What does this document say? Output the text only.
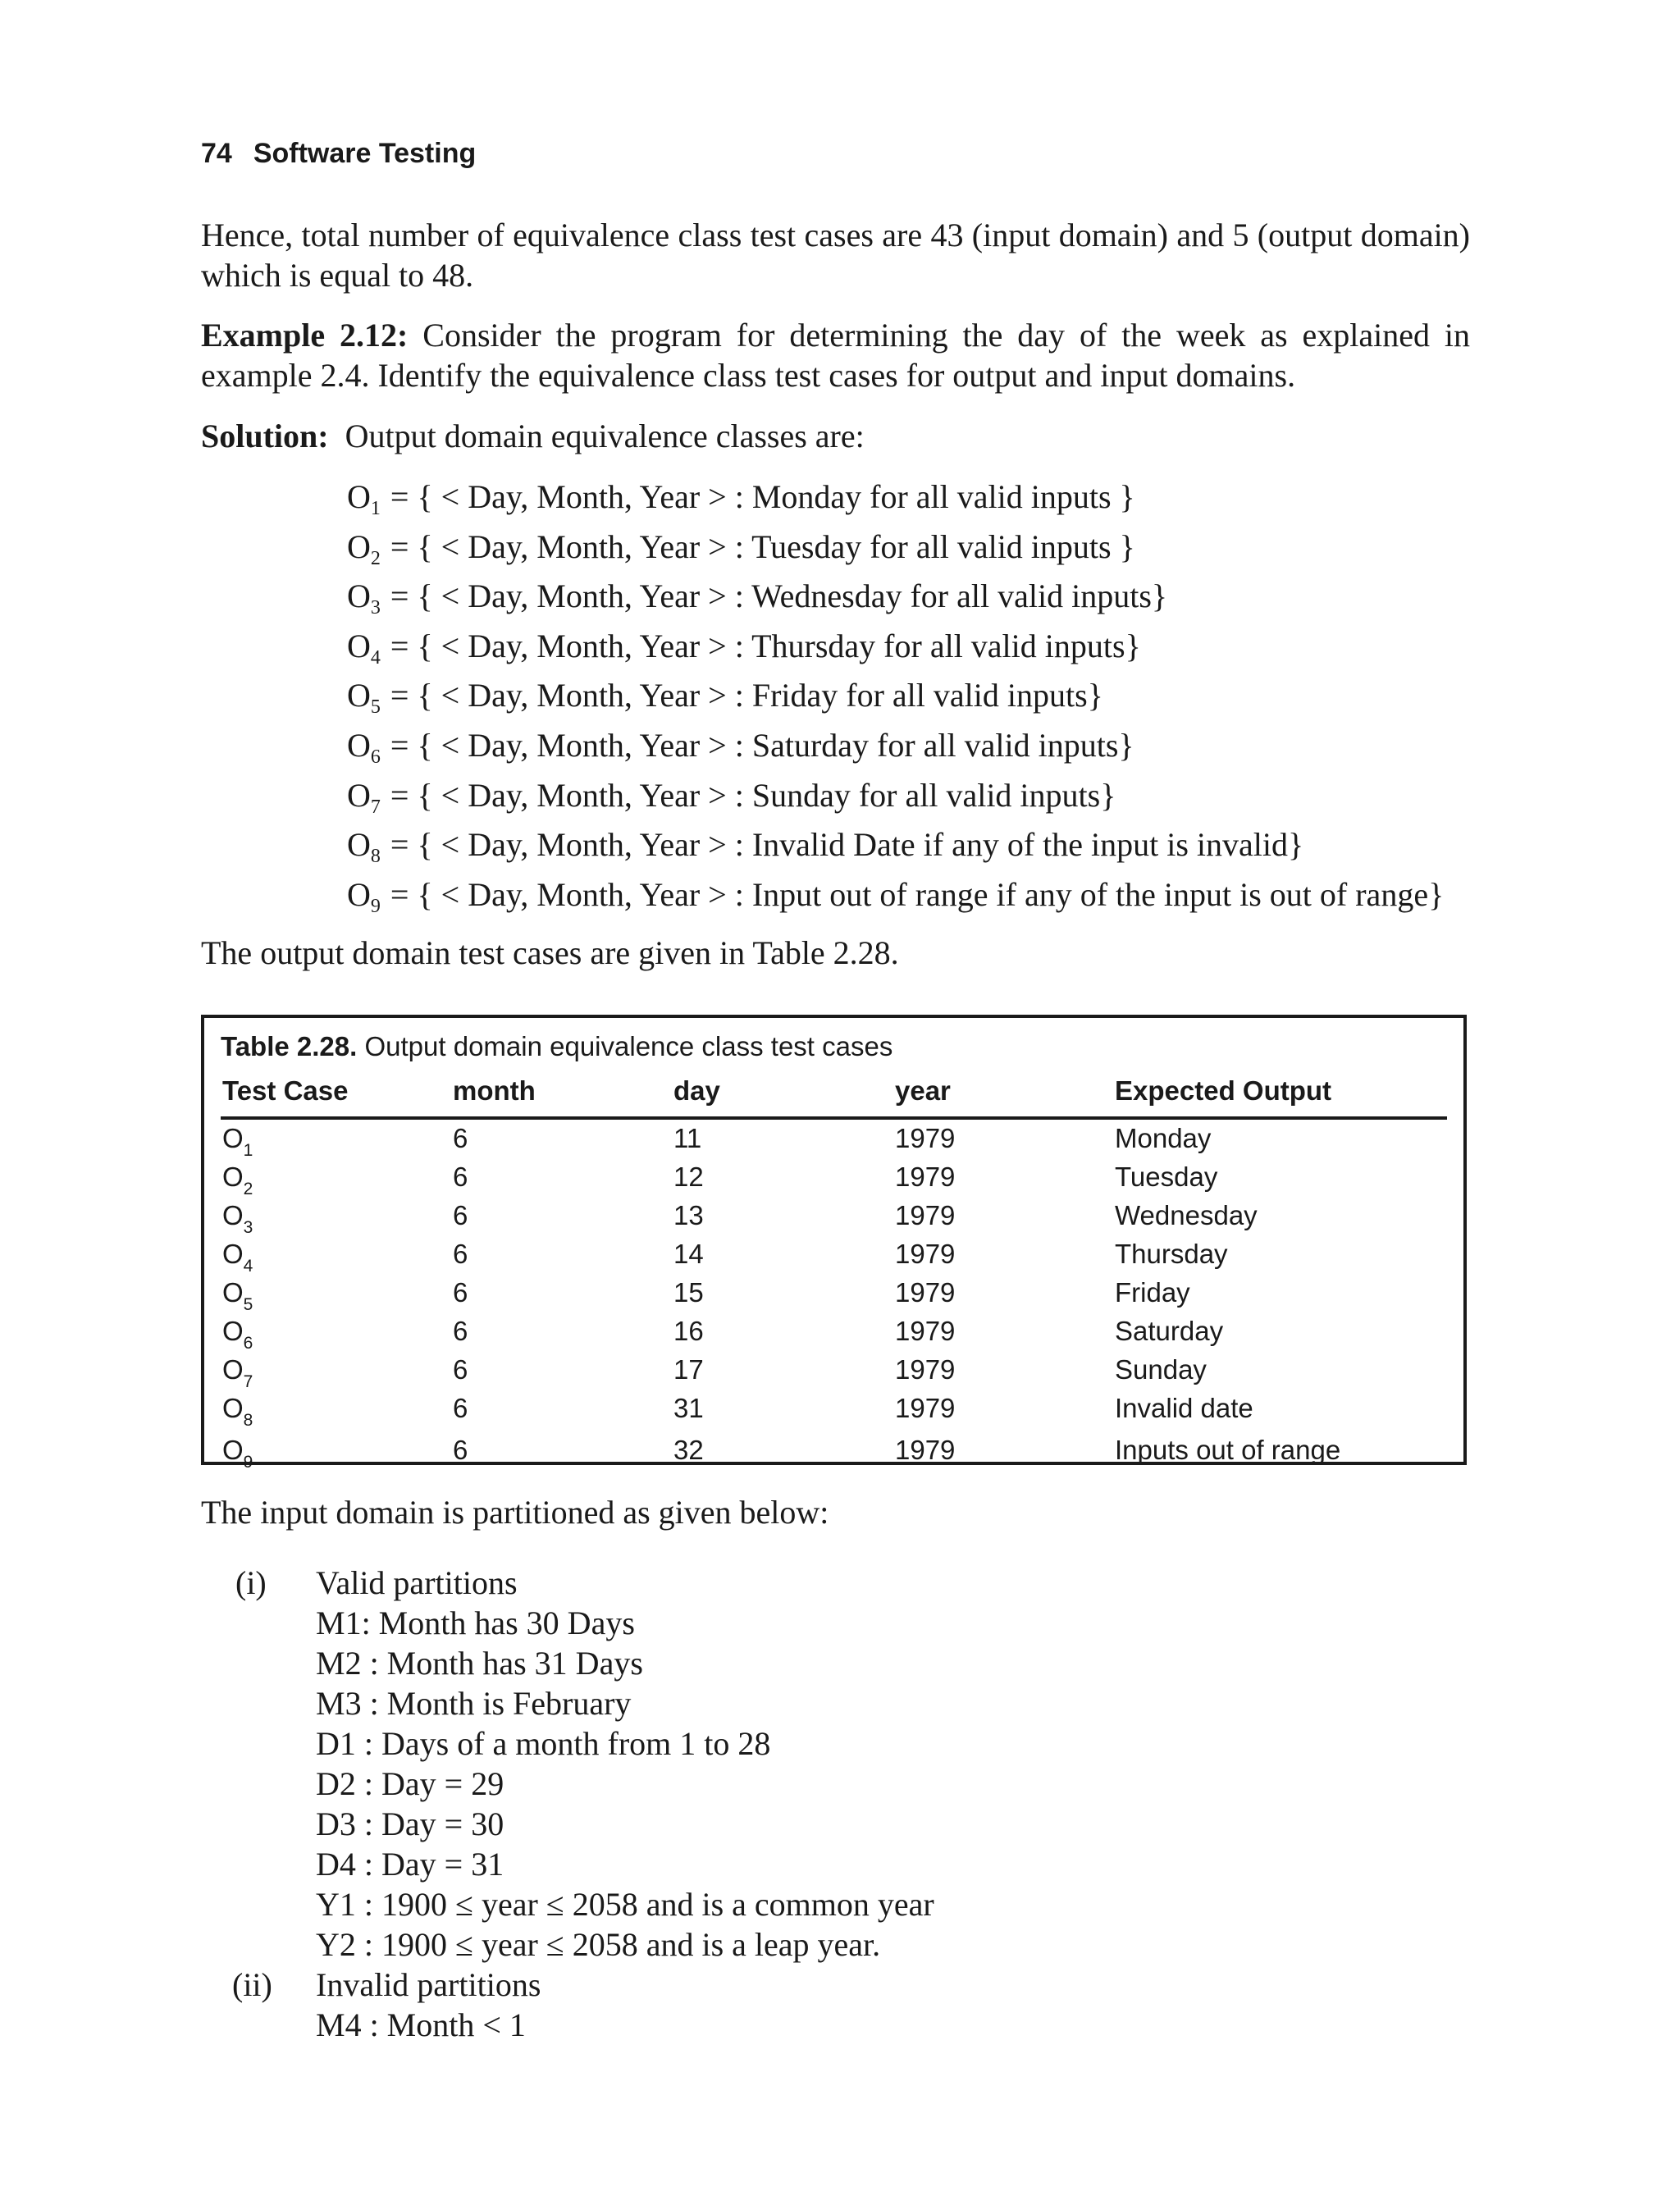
74 Software Testing

Hence, total number of equivalence class test cases are 43 (input domain) and 5 (output domain) which is equal to 48.

Example 2.12: Consider the program for determining the day of the week as explained in example 2.4. Identify the equivalence class test cases for output and input domains.

Solution: Output domain equivalence classes are:

$O_1$ = { < Day, Month, Year > : Monday for all valid inputs }
$O_2$ = { < Day, Month, Year > : Tuesday for all valid inputs }
$O_3$ = { < Day, Month, Year > : Wednesday for all valid inputs}
$O_4$ = { < Day, Month, Year > : Thursday for all valid inputs}
$O_5$ = { < Day, Month, Year > : Friday for all valid inputs}
$O_6$ = { < Day, Month, Year > : Saturday for all valid inputs}
$O_7$ = { < Day, Month, Year > : Sunday for all valid inputs}
$O_8$ = { < Day, Month, Year > : Invalid Date if any of the input is invalid}
$O_9$ = { < Day, Month, Year > : Input out of range if any of the input is out of range}

The output domain test cases are given in Table 2.28.

Table 2.28. Output domain equivalence class test cases
Test Case	month	day	year	Expected Output
$O_1$	6	11	1979	Monday
$O_2$	6	12	1979	Tuesday
$O_3$	6	13	1979	Wednesday
$O_4$	6	14	1979	Thursday
$O_5$	6	15	1979	Friday
$O_6$	6	16	1979	Saturday
$O_7$	6	17	1979	Sunday
$O_8$	6	31	1979	Invalid date
$O_9$	6	32	1979	Inputs out of range

The input domain is partitioned as given below:

(i) Valid partitions
M1: Month has 30 Days
M2 : Month has 31 Days
M3 : Month is February
D1 : Days of a month from 1 to 28
D2 : Day = 29
D3 : Day = 30
D4 : Day = 31
Y1 : 1900 ≤ year ≤ 2058 and is a common year
Y2 : 1900 ≤ year ≤ 2058 and is a leap year.
(ii) Invalid partitions
M4 : Month < 1
